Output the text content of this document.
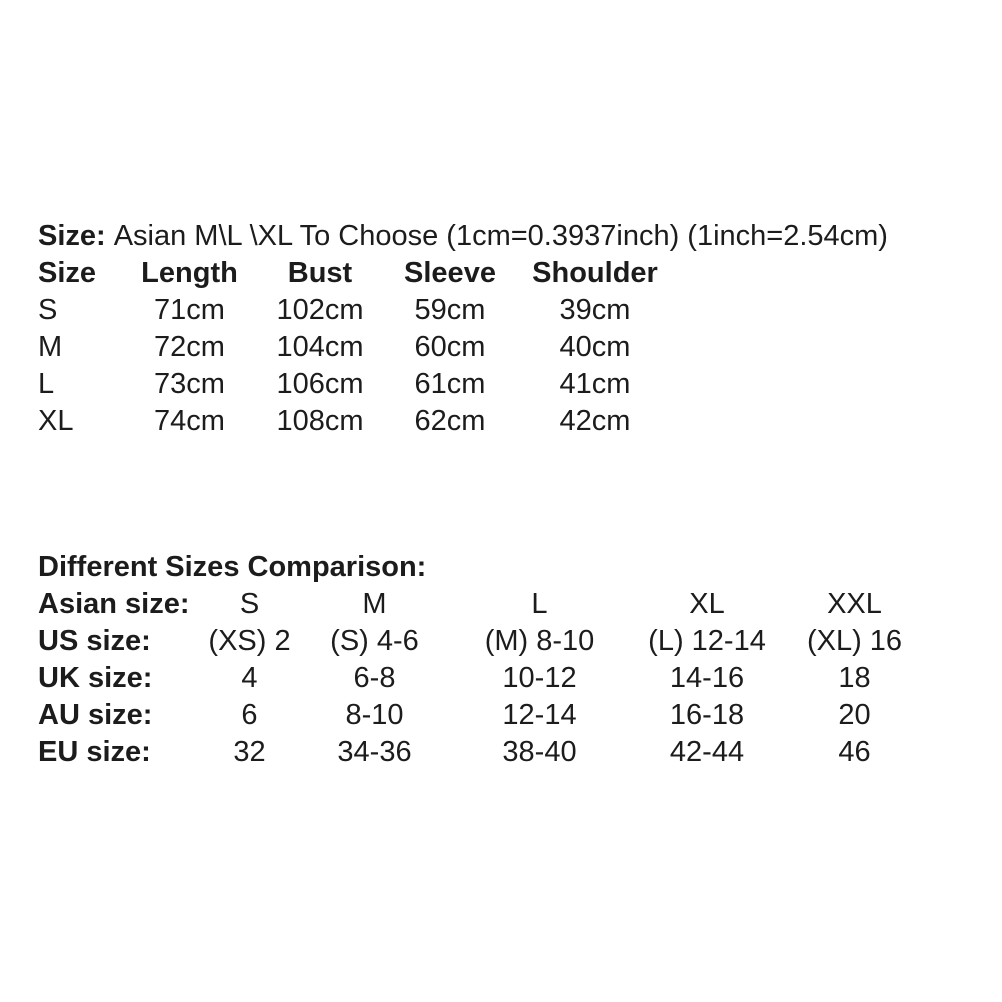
Size: Asian M\L \XL To Choose (1cm=0.3937inch) (1inch=2.54cm)

Size	Length	Bust	Sleeve	Shoulder
S	71cm	102cm	59cm	39cm
M	72cm	104cm	60cm	40cm
L	73cm	106cm	61cm	41cm
XL	74cm	108cm	62cm	42cm

Different Sizes Comparison:

Asian size:	S	M	L	XL	XXL
US size:	(XS) 2	(S) 4-6	(M) 8-10	(L) 12-14	(XL) 16
UK size:	4	6-8	10-12	14-16	18
AU size:	6	8-10	12-14	16-18	20
EU size:	32	34-36	38-40	42-44	46
